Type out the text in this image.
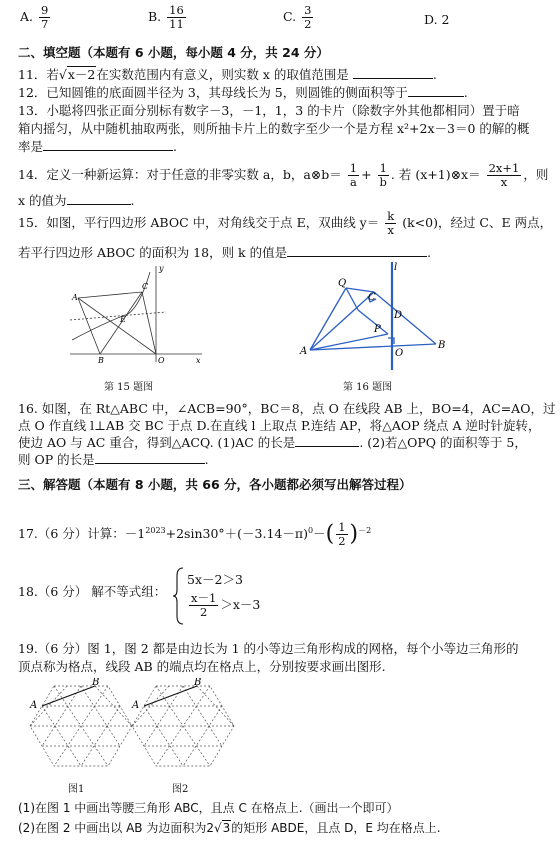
A. $\frac{9}{7}$	B. $\frac{16}{11}$	C. $\frac{3}{2}$	D. 2
二、填空题（本题有 6 小题，每小题 4 分，共 24 分）
11．若√x－2在实数范围内有意义，则实数 x 的取值范围是	.
12．已知圆锥的底面圆半径为 3，其母线长为 5，则圆锥的侧面积等于	.
13．小聪将四张正面分别标有数字－3，－1，1，3 的卡片（除数字外其他都相同）置于暗
箱内摇匀，从中随机抽取两张，则所抽卡片上的数字至少一个是方程 x²+2x－3＝0 的解的概
率是	.
14．定义一种新运算：对于任意的非零实数 a，b，a⊗b＝ $\frac{1}{a} + \frac{1}{b}$ . 若 (x+1)⊗x＝ $\frac{2x+1}{x}$ ，则
x 的值为	.
15．如图，平行四边形 ABOC 中，对角线交于点 E，双曲线 $y= \frac{k}{x} (k<0)$，经过 C、E 两点，
若平行四边形 ABOC 的面积为 18，则 k 的值是	.
A
C
E
B	O
y
x
第 15 题图
Q
C
l
D
P
A	O
B
第 16 题图
16. 如图，在 Rt△ABC 中，∠ACB=90°，BC＝8，点 O 在线段 AB 上，BO=4，AC=AO，过
点 O 作直线 l⊥AB 交 BC 于点 D.在直线 l 上取点 P.连结 AP，将△AOP 绕点 A 逆时针旋转，
使边 AO 与 AC 重合，得到△ACQ. (1)AC 的长是	. (2)若△OPQ 的面积等于 5，
则 OP 的长是	.
三、解答题（本题有 8 小题，共 66 分，各小题都必须写出解答过程）
17.（6 分）计算：$-1^{2023}+2\sin 30^\circ+(-3.14-\pi)^0-( \frac{1}{2} )^{-2}$
18.（6 分） 解不等式组：
5x－2＞3
$\frac{x-1}{2} >x-3$
19.（6 分）图 1，图 2 都是由边长为 1 的小等边三角形构成的网格，每个小等边三角形的
顶点称为格点，线段 AB 的端点均在格点上，分别按要求画出图形.
A
B
A
B
图1	图2
(1)在图 1 中画出等腰三角形 ABC，且点 C 在格点上.（画出一个即可）
(2)在图 2 中画出以 AB 为边面积为2√3的矩形 ABDE，且点 D，E 均在格点上.
